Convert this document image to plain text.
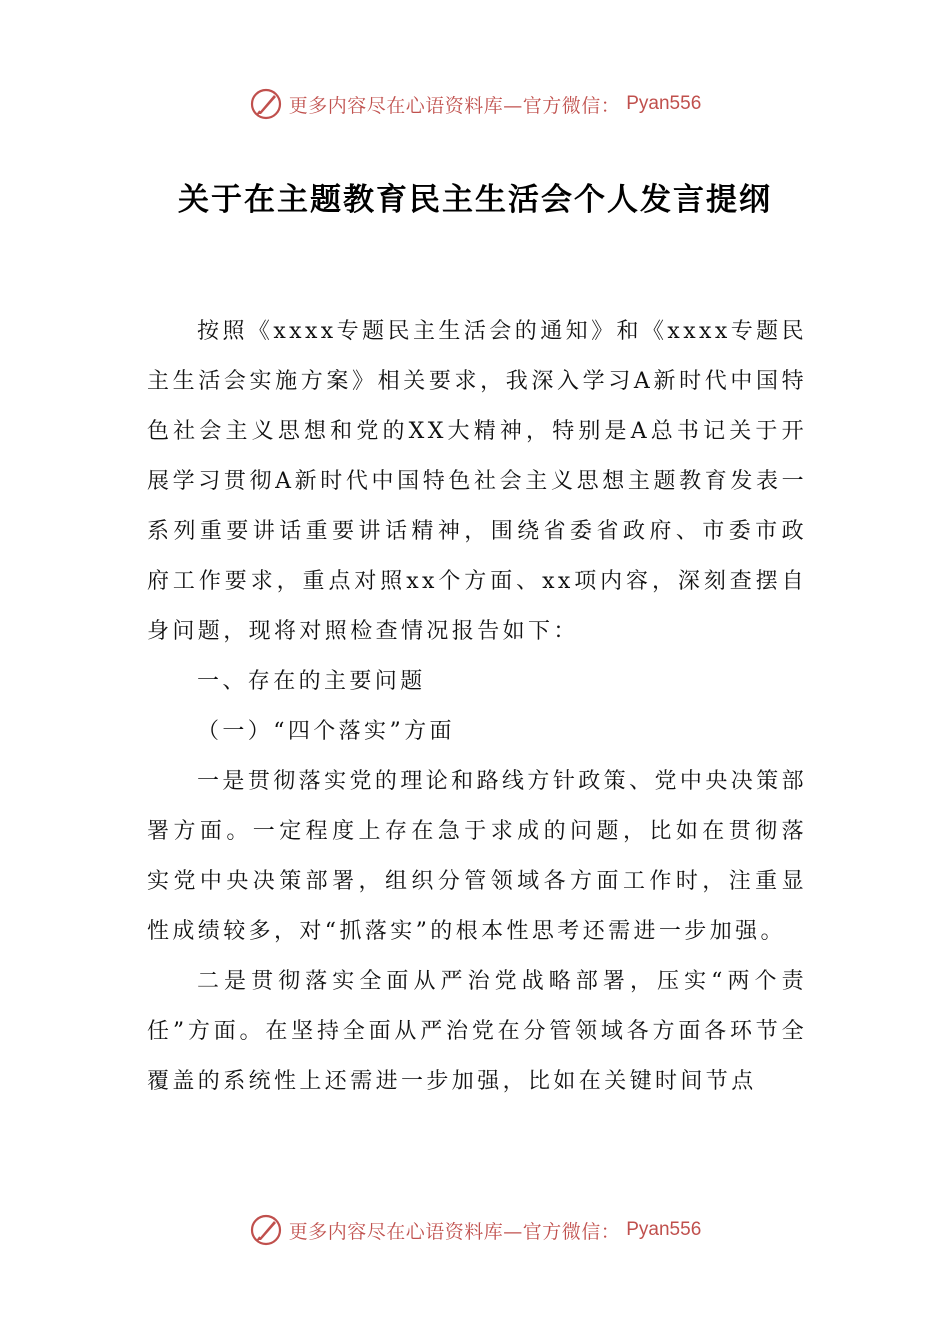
更多内容尽在心语资料库—官方微信： Pyan556
关于在主题教育民主生活会个人发言提纲

按照《xxxx专题民主生活会的通知》和《xxxx专题民主生活会实施方案》相关要求，我深入学习A新时代中国特色社会主义思想和党的XX大精神，特别是A总书记关于开展学习贯彻A新时代中国特色社会主义思想主题教育发表一系列重要讲话重要讲话精神，围绕省委省政府、市委市政府工作要求，重点对照xx个方面、xx项内容，深刻查摆自身问题，现将对照检查情况报告如下：

一、存在的主要问题

（一）“四个落实”方面

一是贯彻落实党的理论和路线方针政策、党中央决策部署方面。一定程度上存在急于求成的问题，比如在贯彻落实党中央决策部署，组织分管领域各方面工作时，注重显性成绩较多，对“抓落实”的根本性思考还需进一步加强。

二是贯彻落实全面从严治党战略部署，压实“两个责任”方面。在坚持全面从严治党在分管领域各方面各环节全覆盖的系统性上还需进一步加强，比如在关键时间节点

更多内容尽在心语资料库—官方微信： Pyan556
